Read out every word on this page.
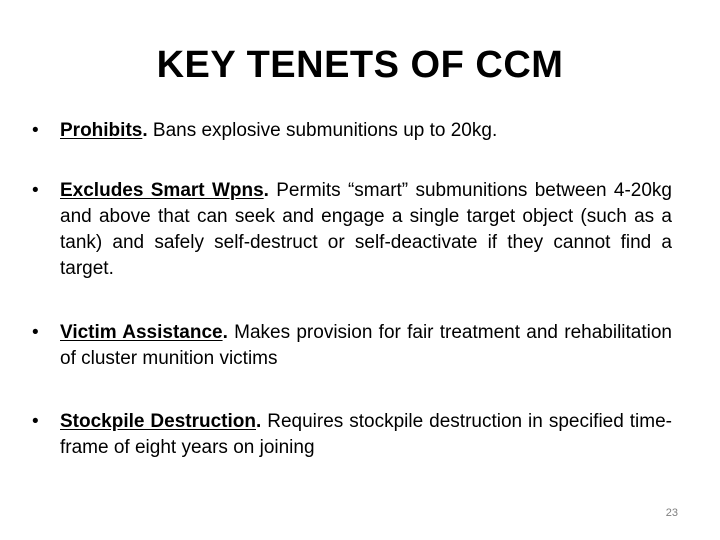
KEY TENETS OF CCM
• Prohibits. Bans explosive submunitions up to 20kg.
• Excludes Smart Wpns. Permits “smart” submunitions between 4-20kg and above that can seek and engage a single target object (such as a tank) and safely self-destruct or self-deactivate if they cannot find a target.
• Victim Assistance. Makes provision for fair treatment and rehabilitation of cluster munition victims
• Stockpile Destruction. Requires stockpile destruction in specified time-frame of eight years on joining
23
